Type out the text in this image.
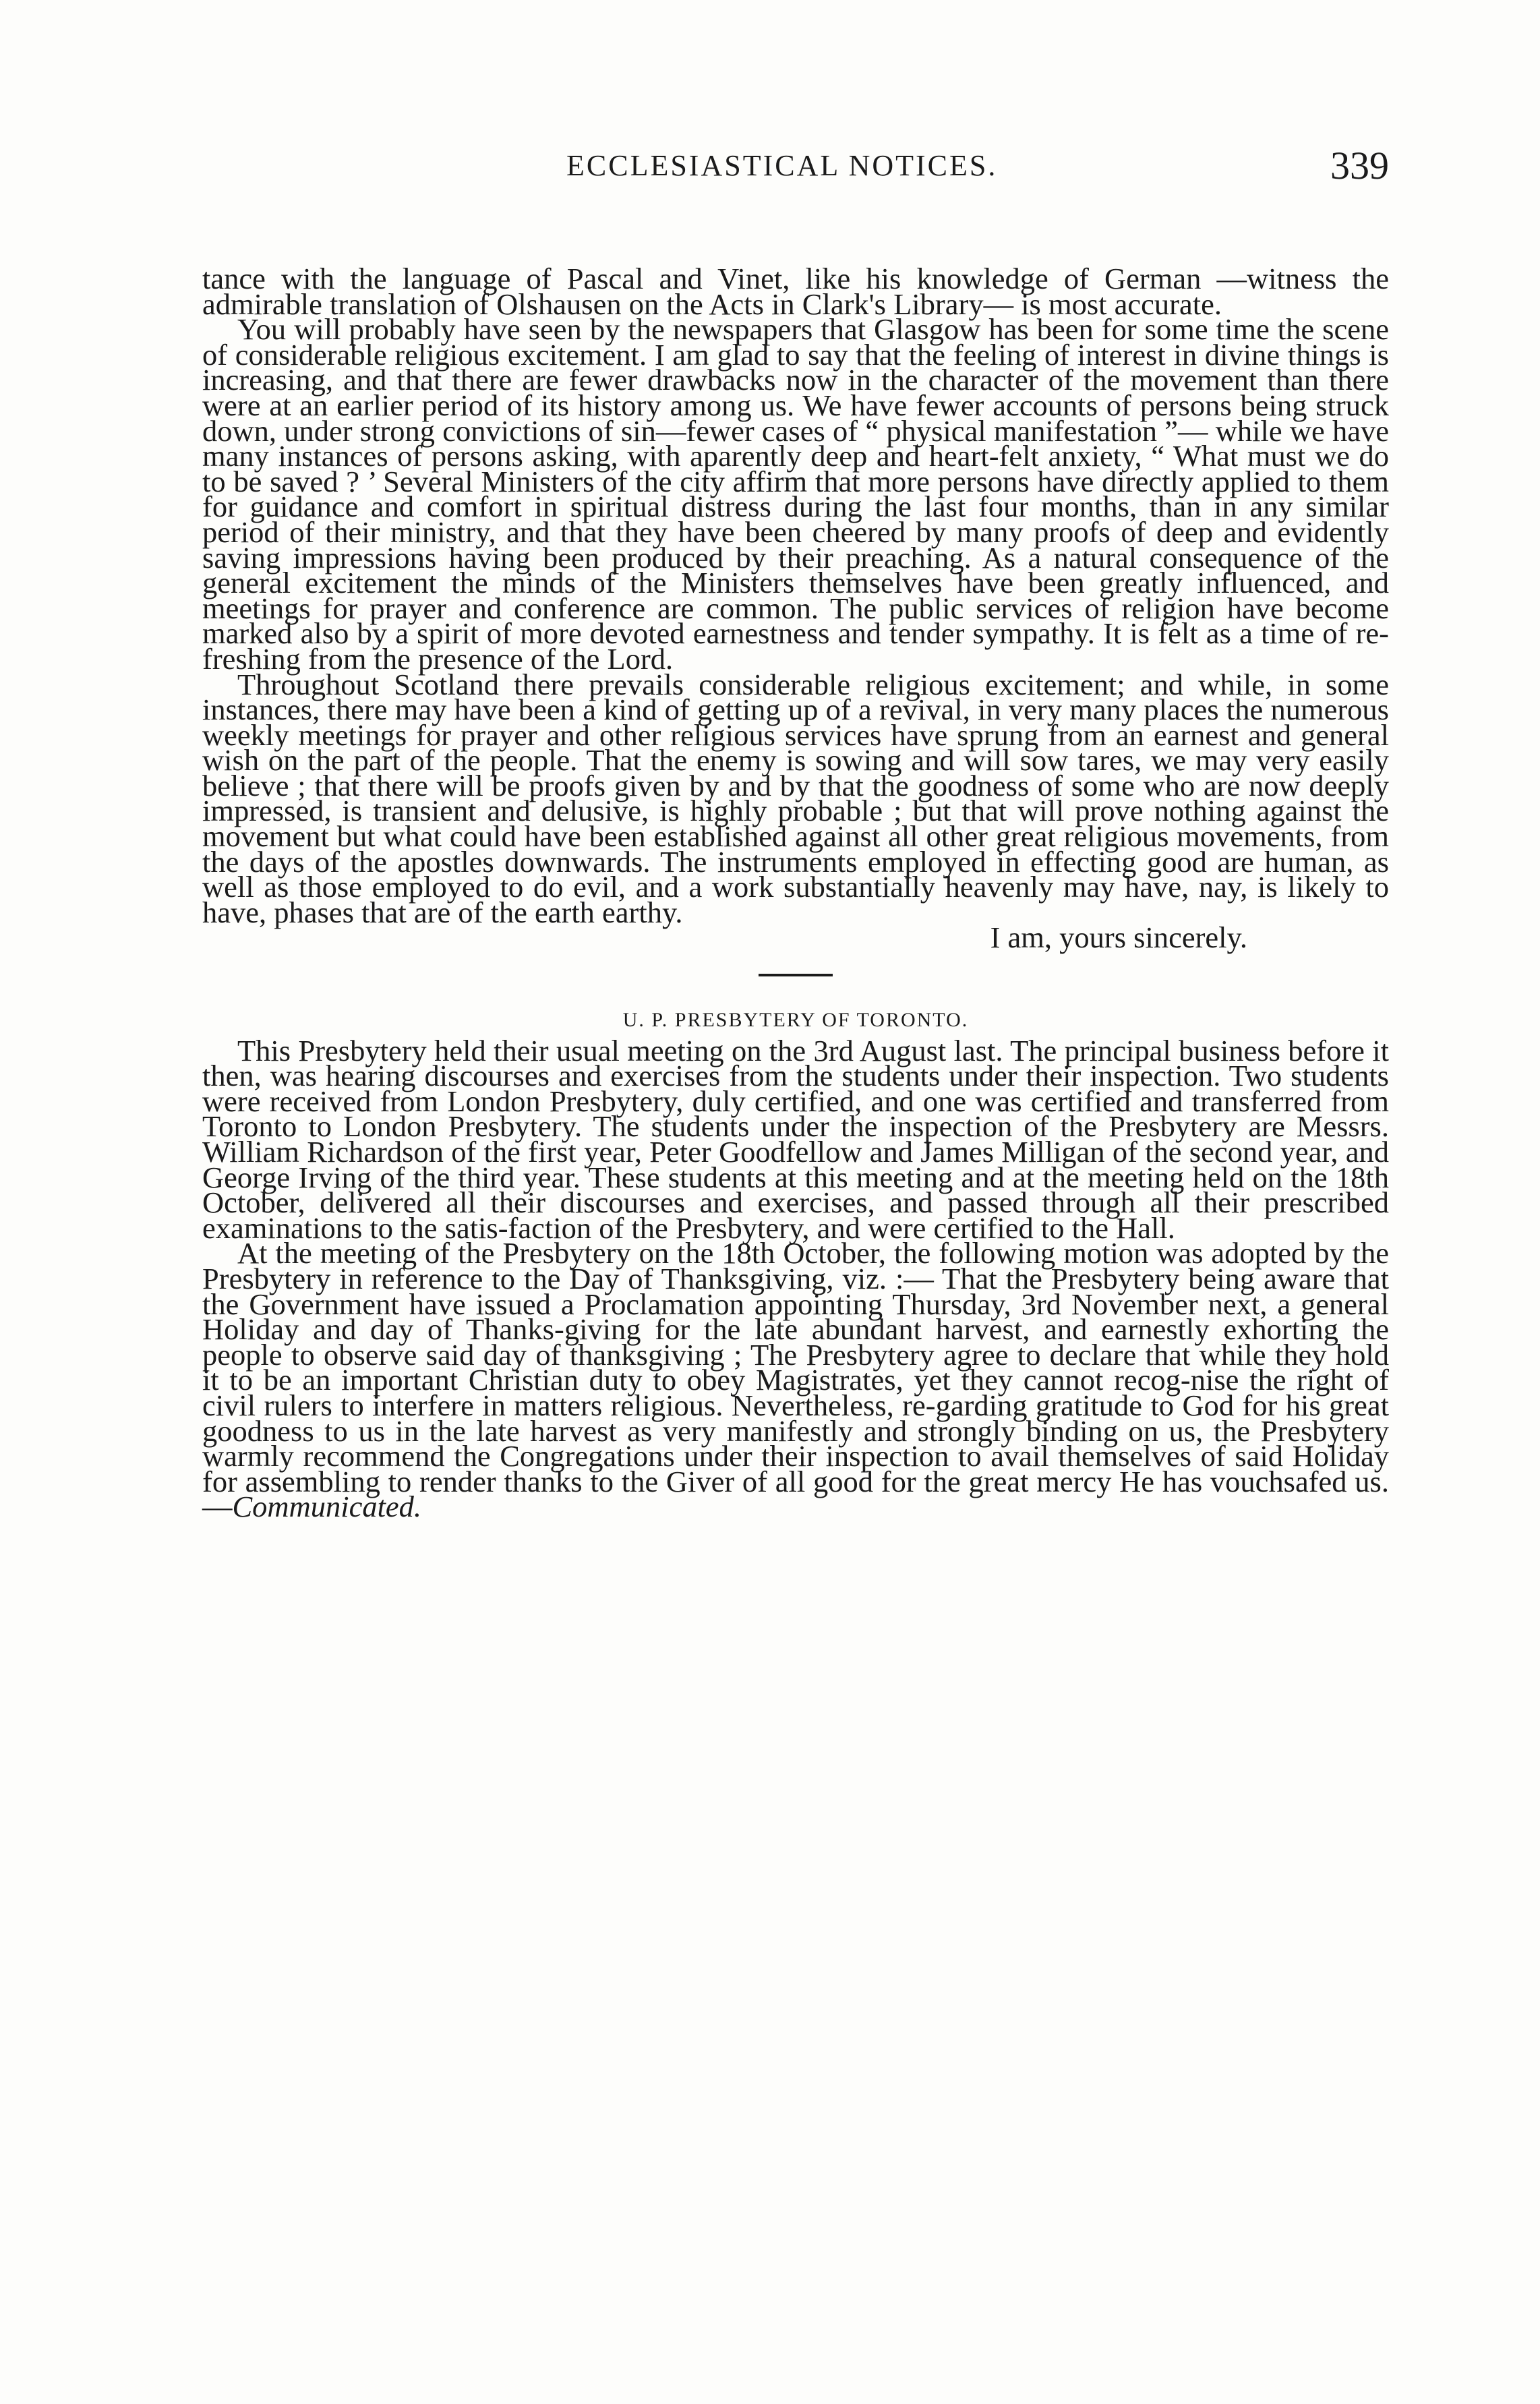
ECCLESIASTICAL NOTICES.	339

tance with the language of Pascal and Vinet, like his knowledge of German —witness the admirable translation of Olshausen on the Acts in Clark's Library— is most accurate.

You will probably have seen by the newspapers that Glasgow has been for some time the scene of considerable religious excitement. I am glad to say that the feeling of interest in divine things is increasing, and that there are fewer drawbacks now in the character of the movement than there were at an earlier period of its history among us. We have fewer accounts of persons being struck down, under strong convictions of sin—fewer cases of “ physical manifestation ”— while we have many instances of persons asking, with aparently deep and heart-felt anxiety, “ What must we do to be saved ? ’ Several Ministers of the city affirm that more persons have directly applied to them for guidance and comfort in spiritual distress during the last four months, than in any similar period of their ministry, and that they have been cheered by many proofs of deep and evidently saving impressions having been produced by their preaching. As a natural consequence of the general excitement the minds of the Ministers themselves have been greatly influenced, and meetings for prayer and conference are common. The public services of religion have become marked also by a spirit of more devoted earnestness and tender sympathy. It is felt as a time of re-freshing from the presence of the Lord.

Throughout Scotland there prevails considerable religious excitement; and while, in some instances, there may have been a kind of getting up of a revival, in very many places the numerous weekly meetings for prayer and other religious services have sprung from an earnest and general wish on the part of the people. That the enemy is sowing and will sow tares, we may very easily believe ; that there will be proofs given by and by that the goodness of some who are now deeply impressed, is transient and delusive, is highly probable ; but that will prove nothing against the movement but what could have been established against all other great religious movements, from the days of the apostles downwards. The instruments employed in effecting good are human, as well as those employed to do evil, and a work substantially heavenly may have, nay, is likely to have, phases that are of the earth earthy.

I am, yours sincerely.

U. P. PRESBYTERY OF TORONTO.

This Presbytery held their usual meeting on the 3rd August last. The principal business before it then, was hearing discourses and exercises from the students under their inspection. Two students were received from London Presbytery, duly certified, and one was certified and transferred from Toronto to London Presbytery. The students under the inspection of the Presbytery are Messrs. William Richardson of the first year, Peter Goodfellow and James Milligan of the second year, and George Irving of the third year. These students at this meeting and at the meeting held on the 18th October, delivered all their discourses and exercises, and passed through all their prescribed examinations to the satis-faction of the Presbytery, and were certified to the Hall.

At the meeting of the Presbytery on the 18th October, the following motion was adopted by the Presbytery in reference to the Day of Thanksgiving, viz. :— That the Presbytery being aware that the Government have issued a Proclamation appointing Thursday, 3rd November next, a general Holiday and day of Thanks-giving for the late abundant harvest, and earnestly exhorting the people to observe said day of thanksgiving ; The Presbytery agree to declare that while they hold it to be an important Christian duty to obey Magistrates, yet they cannot recog-nise the right of civil rulers to interfere in matters religious. Nevertheless, re-garding gratitude to God for his great goodness to us in the late harvest as very manifestly and strongly binding on us, the Presbytery warmly recommend the Congregations under their inspection to avail themselves of said Holiday for assembling to render thanks to the Giver of all good for the great mercy He has vouchsafed us.—Communicated.
